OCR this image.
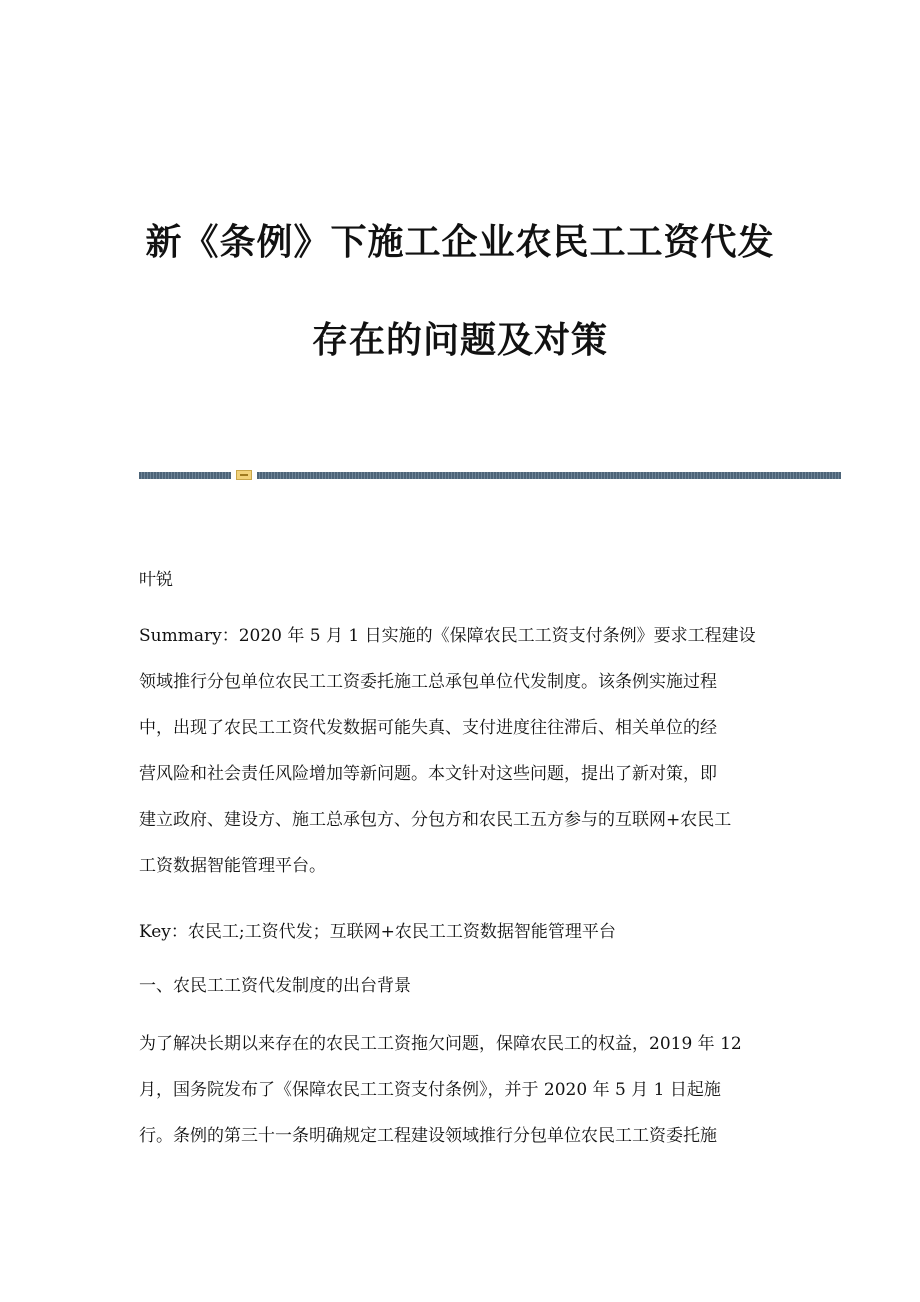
新《条例》下施工企业农民工工资代发
存在的问题及对策
叶锐
Summary：2020 年 5 月 1 日实施的《保障农民工工资支付条例》要求工程建设
领域推行分包单位农民工工资委托施工总承包单位代发制度。该条例实施过程
中，出现了农民工工资代发数据可能失真、支付进度往往滞后、相关单位的经
营风险和社会责任风险增加等新问题。本文针对这些问题，提出了新对策，即
建立政府、建设方、施工总承包方、分包方和农民工五方参与的互联网+农民工
工资数据智能管理平台。
Key：农民工;工资代发；互联网+农民工工资数据智能管理平台
一、农民工工资代发制度的出台背景
为了解决长期以来存在的农民工工资拖欠问题，保障农民工的权益，2019 年 12
月，国务院发布了《保障农民工工资支付条例》，并于 2020 年 5 月 1 日起施
行。条例的第三十一条明确规定工程建设领域推行分包单位农民工工资委托施
